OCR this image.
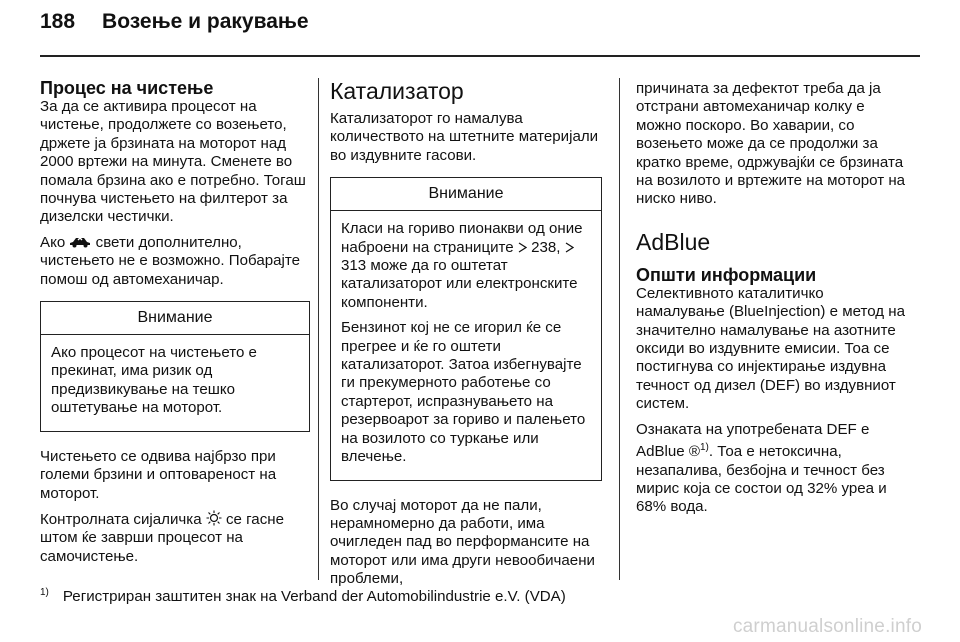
188 Возење и ракување
Процес на чистење

За да се активира процесот на чистење, продолжете со возењето, држете ја брзината на моторот над 2000 вртежи на минута. Сменете во помала брзина ако е потребно. Тогаш почнува чистењето на филтерот за дизелски честички.

Ако свети дополнително, чистењето не е возможно. Побарајте помош од автомеханичар.

Внимание

Ако процесот на чистењето е прекинат, има ризик од предизвикувањe на тешко оштетување на моторот.

Чистењето се одвива најбрзо при големи брзини и оптовареност на моторот.

Контролната сијаличка се гасне штом ќе заврши процесот на самочистење.

Катализатор

Катализаторот го намалува количеството на штетните материјали во издувните гасови.

Внимание

Класи на гориво пионакви од оние наброени на страниците 238,  313 може да го оштетат катализаторот или електронските компоненти.

Бензинот кој не се игорил ќе се прегрее и ќе го оштети катализаторот. Затоа избегнувајте ги прекумерното работење со стартерот, испразнувањето на резервоарот за гориво и палењето на возилото со туркање или влечење.

Во случај моторот да не пали, нерамномерно да работи, има очигледен пад во перформансите на моторот или има други невообичаени проблеми,

причината за дефектот треба да ја отстрани автомеханичар колку е можно поскоро. Во хаварии, со возењето може да се продолжи за кратко време, одржувајќи се брзината на возилото и вртежите на моторот на ниско ниво.

AdBlue
Општи информации

Селективното каталитичко намалување (BlueInjection) е метод на значително намалување на азотните оксиди во издувните емисии. Тоа се постигнува со инјектирање издувна течност од дизел (DEF) во издувниот систем.

Ознаката на употребената DEF е AdBlue ®$^{1)}$. Тоа е нетоксична, незапалива, безбојна и течност без мирис која се состои од 32% уреа и 68% вода.

1) Регистриран заштитен знак на Verband der Automobilindustrie e.V. (VDA)
carmanualsonline.info
